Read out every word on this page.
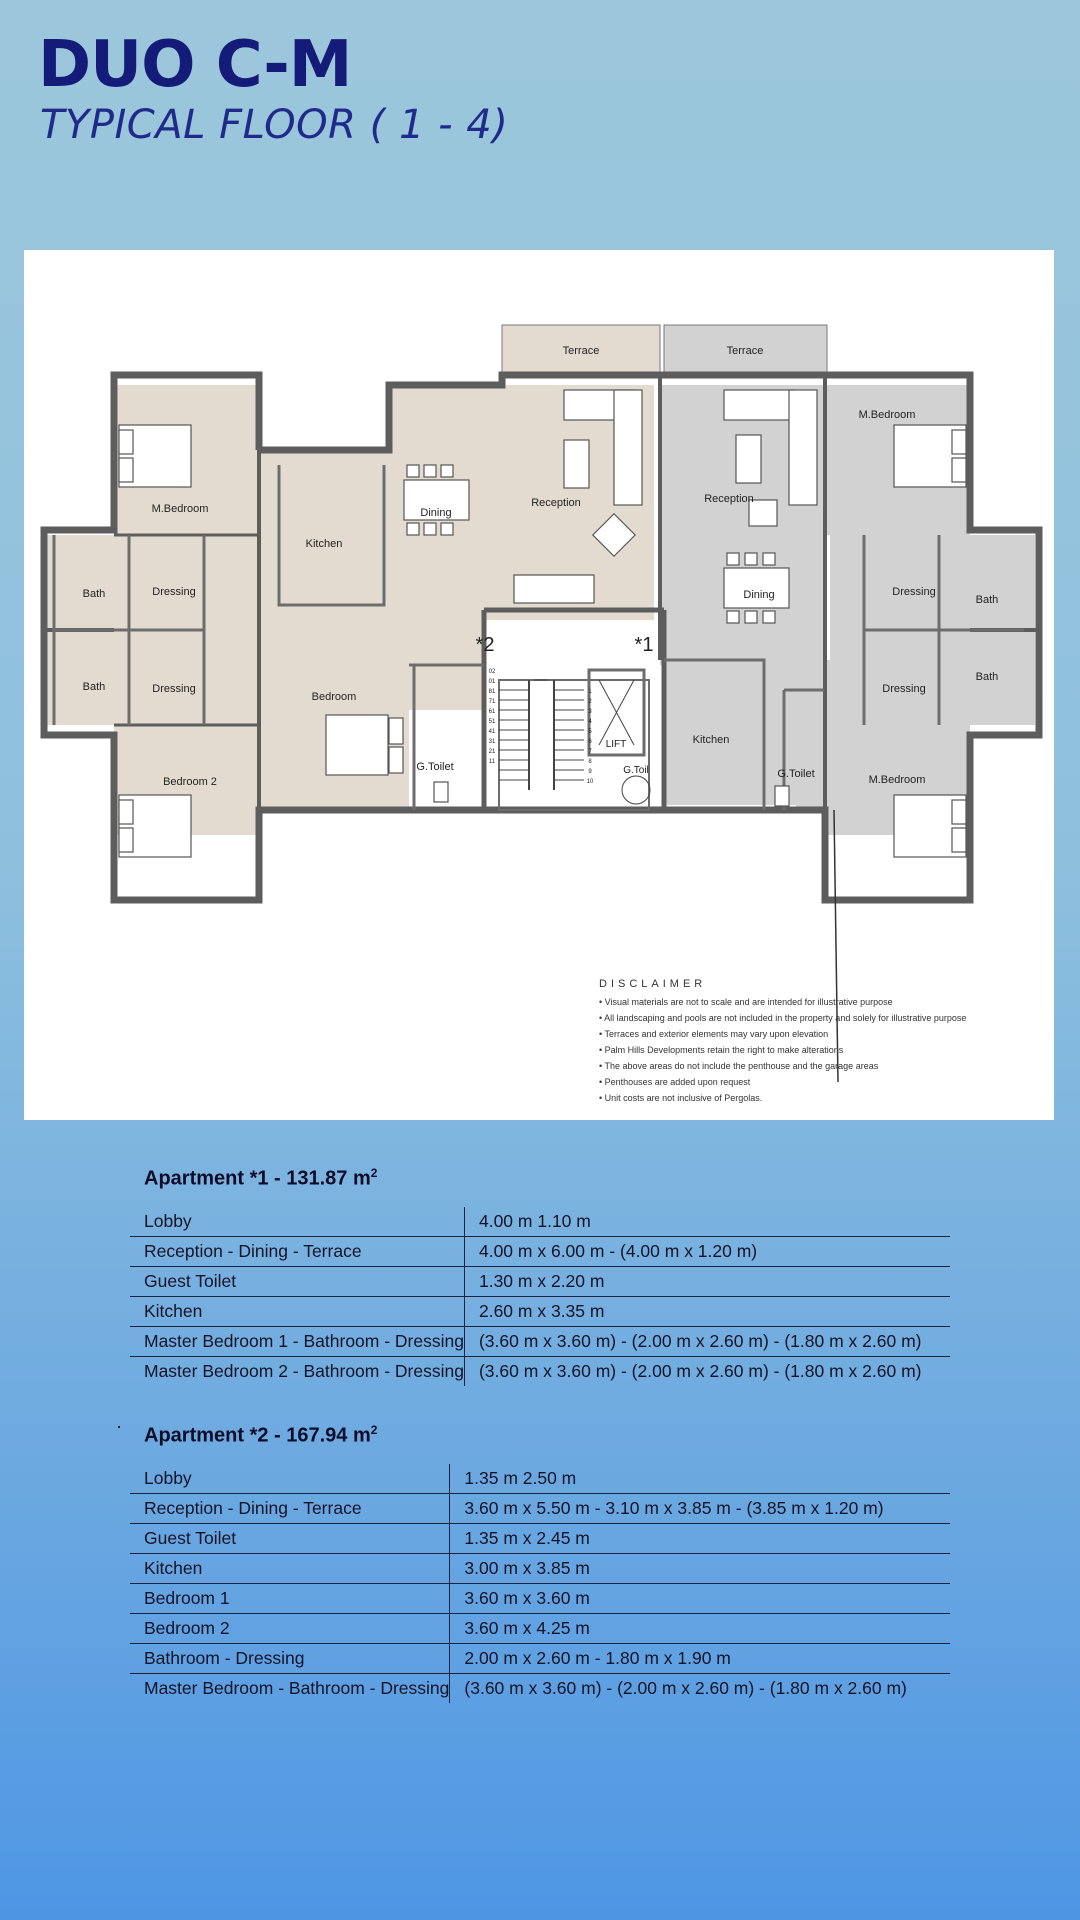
DUO C-M
TYPICAL FLOOR ( 1 - 4)
Terrace	Terrace
M.Bedroom
Kitchen
Dining
Reception
Bath	Dressing
Bath	Dressing
Bedroom
G.Toilet
Bedroom 2
Reception
Dining
M.Bedroom
Dressing
Bath
Dressing
Bath
Kitchen
G.Toilet	M.Bedroom
LIFT
G.Toil
*2	*1
02
01
81
71
61
51
41
31
21
11
1
2
3
4
5
6
7
8
9
10
DISCLAIMER
• Visual materials are not to scale and are intended for illustrative purpose
• All landscaping and pools are not included in the property and solely for illustrative purpose
• Terraces and exterior elements may vary upon elevation
• Palm Hills Developments retain the right to make alterations
• The above areas do not include the penthouse and the garage areas
• Penthouses are added upon request
• Unit costs are not inclusive of Pergolas.
Apartment *1 - 131.87 $m^2$
Lobby	4.00 m 1.10 m
Reception - Dining - Terrace	4.00 m x 6.00 m - (4.00 m x 1.20 m)
Guest Toilet	1.30 m x 2.20 m
Kitchen	2.60 m x 3.35 m
Master Bedroom 1 - Bathroom - Dressing	(3.60 m x 3.60 m) - (2.00 m x 2.60 m) - (1.80 m x 2.60 m)
Master Bedroom 2 - Bathroom - Dressing	(3.60 m x 3.60 m) - (2.00 m x 2.60 m) - (1.80 m x 2.60 m)
Apartment *2 - 167.94 $m^2$
Lobby	1.35 m 2.50 m
Reception - Dining - Terrace	3.60 m x 5.50 m - 3.10 m x 3.85 m - (3.85 m x 1.20 m)
Guest Toilet	1.35 m x 2.45 m
Kitchen	3.00 m x 3.85 m
Bedroom 1	3.60 m x 3.60 m
Bedroom 2	3.60 m x 4.25 m
Bathroom - Dressing	2.00 m x 2.60 m - 1.80 m x 1.90 m
Master Bedroom - Bathroom - Dressing	(3.60 m x 3.60 m) - (2.00 m x 2.60 m) - (1.80 m x 2.60 m)
